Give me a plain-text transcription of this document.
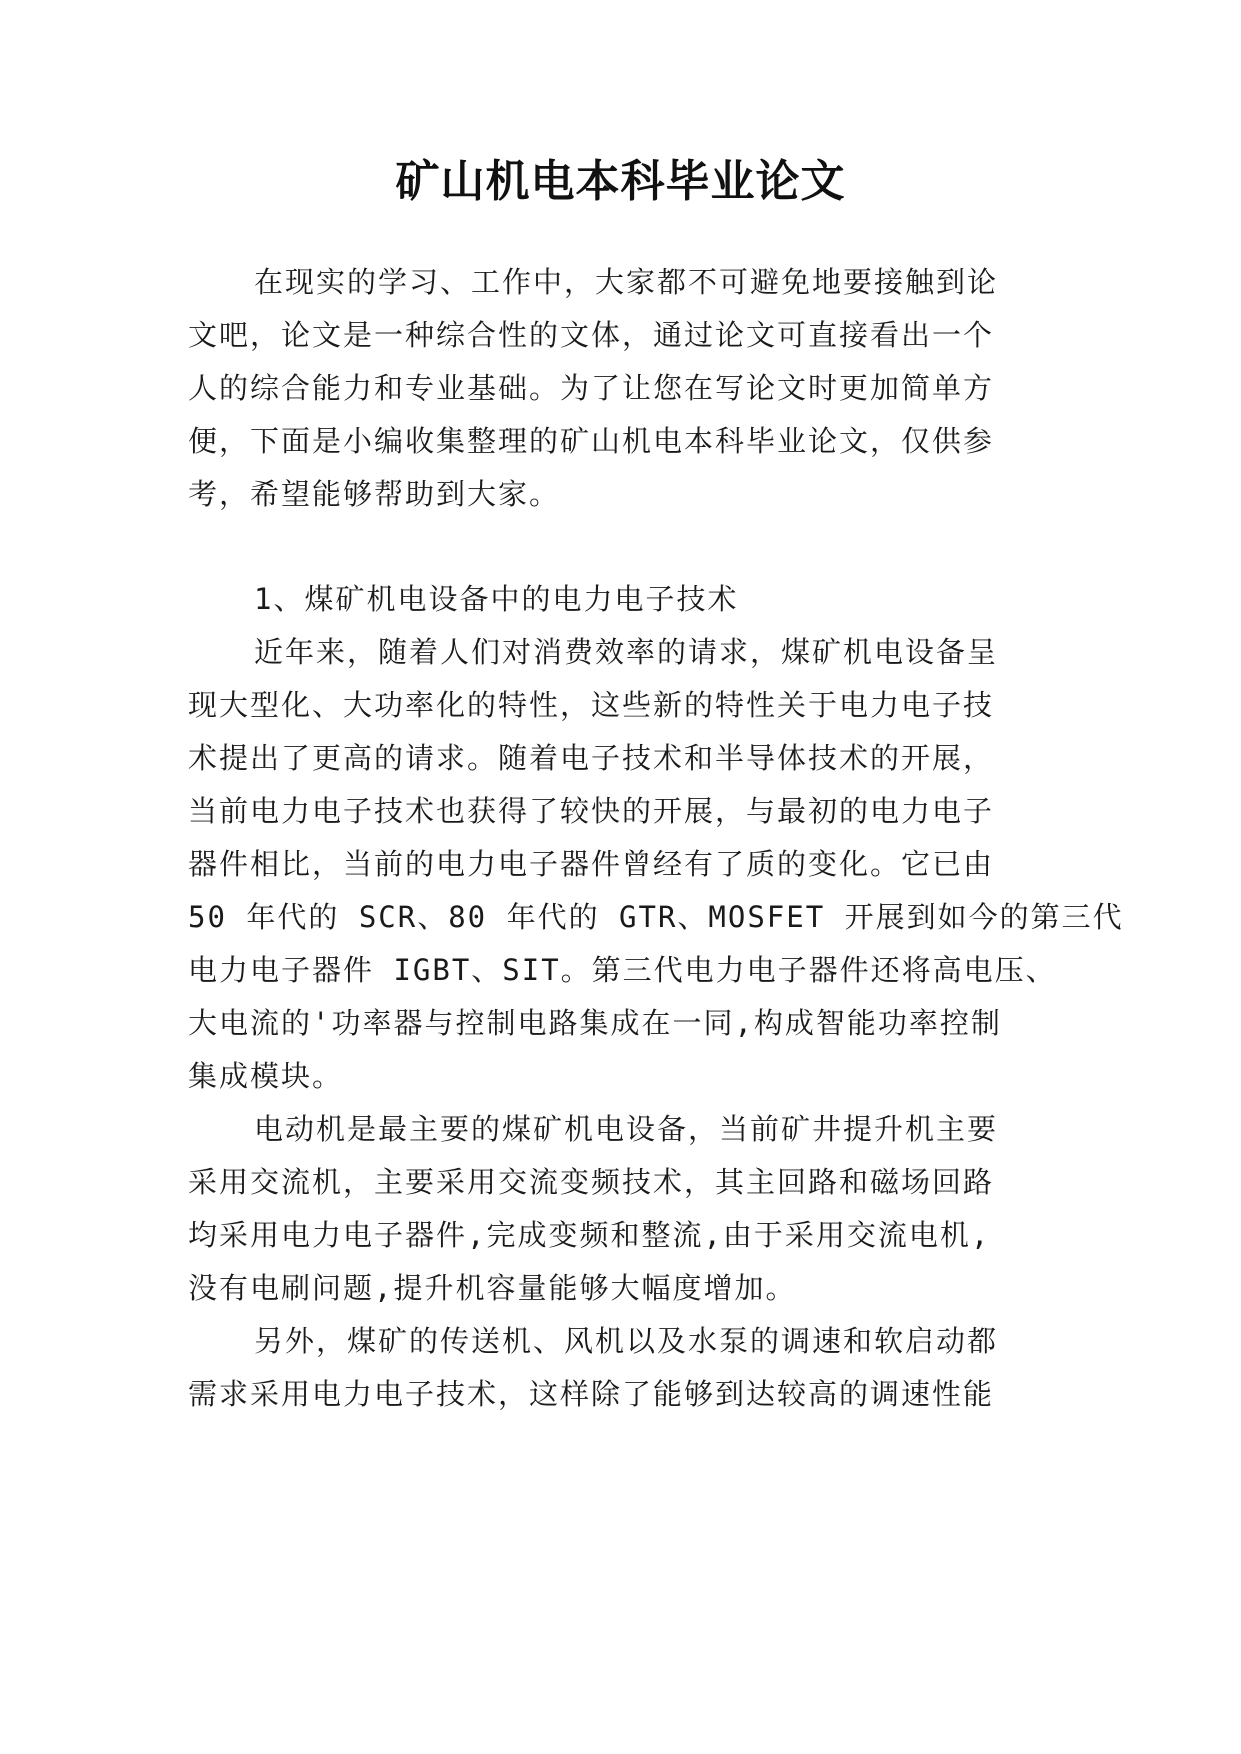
矿山机电本科毕业论文
在现实的学习、工作中，大家都不可避免地要接触到论
文吧，论文是一种综合性的文体，通过论文可直接看出一个
人的综合能力和专业基础。为了让您在写论文时更加简单方
便，下面是小编收集整理的矿山机电本科毕业论文，仅供参
考，希望能够帮助到大家。
1、煤矿机电设备中的电力电子技术
近年来，随着人们对消费效率的请求，煤矿机电设备呈
现大型化、大功率化的特性，这些新的特性关于电力电子技
术提出了更高的请求。随着电子技术和半导体技术的开展，
当前电力电子技术也获得了较快的开展，与最初的电力电子
器件相比，当前的电力电子器件曾经有了质的变化。它已由
50 年代的 SCR、80 年代的 GTR、MOSFET 开展到如今的第三代
电力电子器件 IGBT、SIT。第三代电力电子器件还将高电压、
大电流的'功率器与控制电路集成在一同,构成智能功率控制
集成模块。
电动机是最主要的煤矿机电设备，当前矿井提升机主要
采用交流机，主要采用交流变频技术，其主回路和磁场回路
均采用电力电子器件,完成变频和整流,由于采用交流电机,
没有电刷问题,提升机容量能够大幅度增加。
另外，煤矿的传送机、风机以及水泵的调速和软启动都
需求采用电力电子技术，这样除了能够到达较高的调速性能
